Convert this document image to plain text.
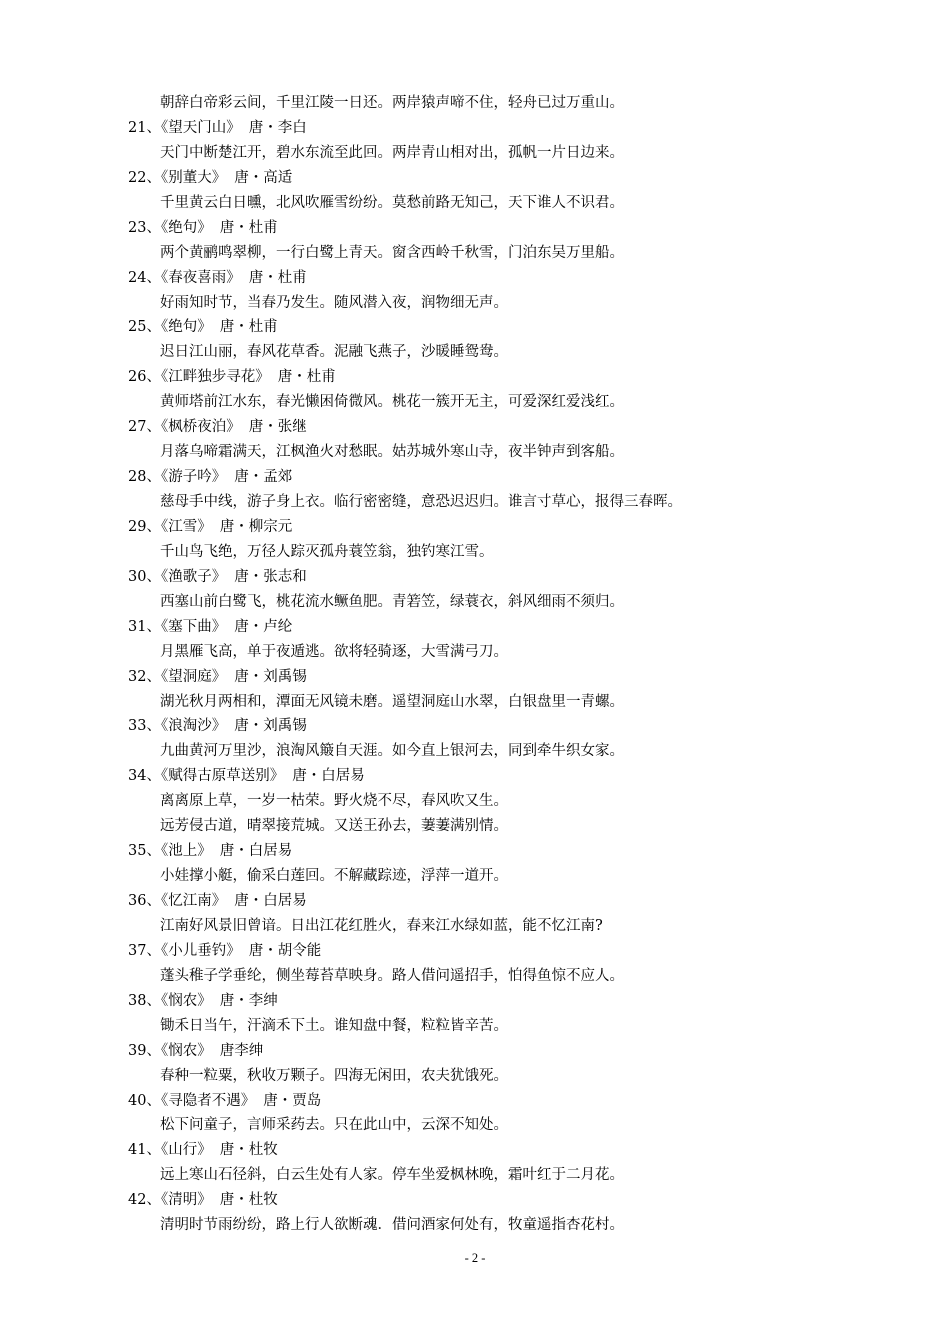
朝辞白帝彩云间，千里江陵一日还。两岸猿声啼不住，轻舟已过万重山。
21、《望天门山》 唐・李白
天门中断楚江开，碧水东流至此回。两岸青山相对出，孤帆一片日边来。
22、《别董大》 唐・高适
千里黄云白日曛，北风吹雁雪纷纷。莫愁前路无知己，天下谁人不识君。
23、《绝句》 唐・杜甫
两个黄鹂鸣翠柳，一行白鹭上青天。窗含西岭千秋雪，门泊东吴万里船。
24、《春夜喜雨》 唐・杜甫
好雨知时节，当春乃发生。随风潜入夜，润物细无声。
25、《绝句》 唐・杜甫
迟日江山丽，春风花草香。泥融飞燕子，沙暖睡鸳鸯。
26、《江畔独步寻花》 唐・杜甫
黄师塔前江水东，春光懒困倚微风。桃花一簇开无主，可爱深红爱浅红。
27、《枫桥夜泊》 唐・张继
月落乌啼霜满天，江枫渔火对愁眠。姑苏城外寒山寺，夜半钟声到客船。
28、《游子吟》 唐・孟郊
慈母手中线，游子身上衣。临行密密缝，意恐迟迟归。谁言寸草心，报得三春晖。
29、《江雪》 唐・柳宗元
千山鸟飞绝，万径人踪灭孤舟蓑笠翁，独钓寒江雪。
30、《渔歌子》 唐・张志和
西塞山前白鹭飞，桃花流水鳜鱼肥。青箬笠，绿蓑衣，斜风细雨不须归。
31、《塞下曲》 唐・卢纶
月黑雁飞高，单于夜遁逃。欲将轻骑逐，大雪满弓刀。
32、《望洞庭》 唐・刘禹锡
湖光秋月两相和，潭面无风镜未磨。遥望洞庭山水翠，白银盘里一青螺。
33、《浪淘沙》 唐・刘禹锡
九曲黄河万里沙，浪淘风簸自天涯。如今直上银河去，同到牵牛织女家。
34、《赋得古原草送别》 唐・白居易
离离原上草，一岁一枯荣。野火烧不尽，春风吹又生。
远芳侵古道，晴翠接荒城。又送王孙去，萋萋满别情。
35、《池上》 唐・白居易
小娃撑小艇，偷采白莲回。不解藏踪迹，浮萍一道开。
36、《忆江南》 唐・白居易
江南好风景旧曾谙。日出江花红胜火，春来江水绿如蓝，能不忆江南?
37、《小儿垂钓》 唐・胡令能
蓬头稚子学垂纶，侧坐莓苔草映身。路人借问遥招手，怕得鱼惊不应人。
38、《悯农》 唐・李绅
锄禾日当午，汗滴禾下土。谁知盘中餐，粒粒皆辛苦。
39、《悯农》 唐李绅
春种一粒粟，秋收万颗子。四海无闲田，农夫犹饿死。
40、《寻隐者不遇》 唐・贾岛
松下问童子，言师采药去。只在此山中，云深不知处。
41、《山行》 唐・杜牧
远上寒山石径斜，白云生处有人家。停车坐爱枫林晚，霜叶红于二月花。
42、《清明》 唐・杜牧
清明时节雨纷纷，路上行人欲断魂．借问酒家何处有，牧童遥指杏花村。
- 2 -
